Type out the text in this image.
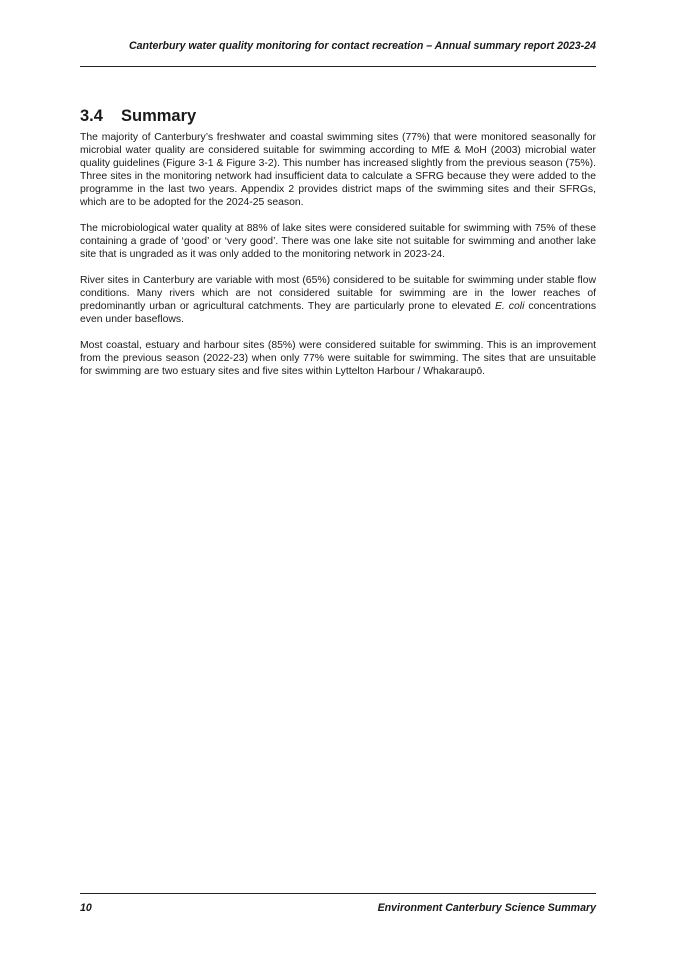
Canterbury water quality monitoring for contact recreation – Annual summary report 2023-24
3.4 Summary

The majority of Canterbury’s freshwater and coastal swimming sites (77%) that were monitored seasonally for microbial water quality are considered suitable for swimming according to MfE & MoH (2003) microbial water quality guidelines (Figure 3-1 & Figure 3-2). This number has increased slightly from the previous season (75%). Three sites in the monitoring network had insufficient data to calculate a SFRG because they were added to the programme in the last two years. Appendix 2 provides district maps of the swimming sites and their SFRGs, which are to be adopted for the 2024-25 season.

The microbiological water quality at 88% of lake sites were considered suitable for swimming with 75% of these containing a grade of ‘good’ or ‘very good’. There was one lake site not suitable for swimming and another lake site that is ungraded as it was only added to the monitoring network in 2023-24.

River sites in Canterbury are variable with most (65%) considered to be suitable for swimming under stable flow conditions. Many rivers which are not considered suitable for swimming are in the lower reaches of predominantly urban or agricultural catchments. They are particularly prone to elevated E. coli concentrations even under baseflows.

Most coastal, estuary and harbour sites (85%) were considered suitable for swimming. This is an improvement from the previous season (2022-23) when only 77% were suitable for swimming. The sites that are unsuitable for swimming are two estuary sites and five sites within Lyttelton Harbour / Whakaraupō.

10	Environment Canterbury Science Summary
